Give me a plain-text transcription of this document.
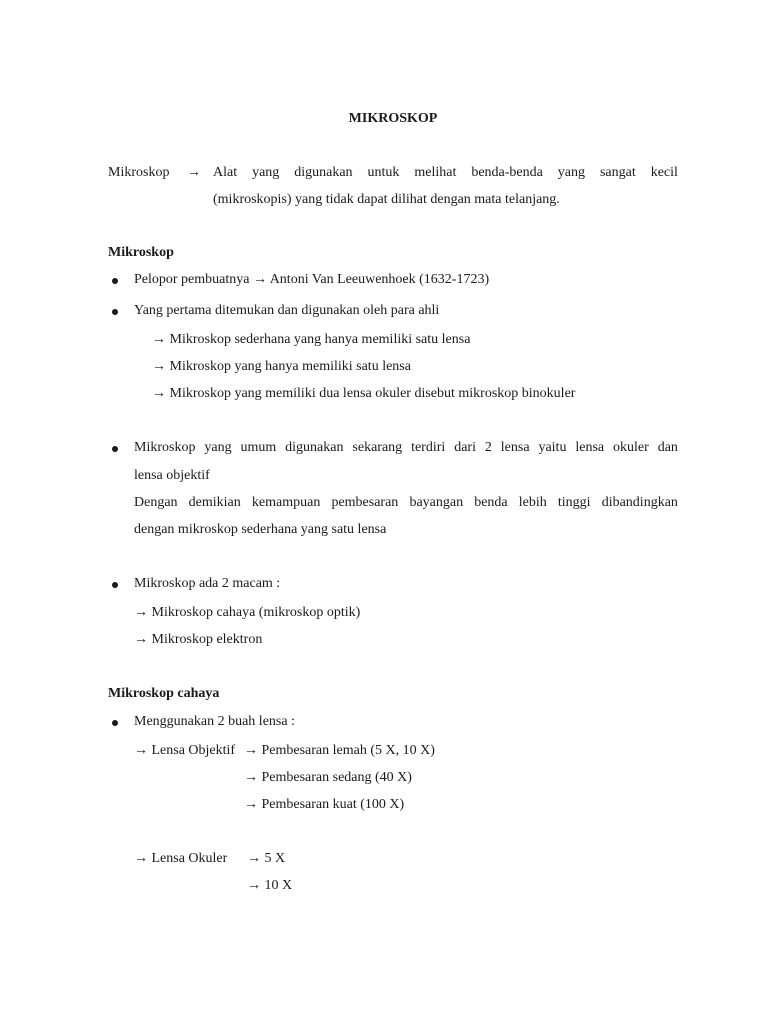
MIKROSKOP
Mikroskop → Alat yang digunakan untuk melihat benda-benda yang sangat kecil
(mikroskopis) yang tidak dapat dilihat dengan mata telanjang.
Mikroskop
Pelopor pembuatnya → Antoni Van Leeuwenhoek (1632-1723)
Yang pertama ditemukan dan digunakan oleh para ahli
→ Mikroskop sederhana yang hanya memiliki satu lensa
→ Mikroskop yang hanya memiliki satu lensa
→ Mikroskop yang memiliki dua lensa okuler disebut mikroskop binokuler
Mikroskop yang umum digunakan sekarang terdiri dari 2 lensa yaitu lensa okuler dan
lensa objektif
Dengan demikian kemampuan pembesaran bayangan benda lebih tinggi dibandingkan
dengan mikroskop sederhana yang satu lensa
Mikroskop ada 2 macam :
→ Mikroskop cahaya (mikroskop optik)
→ Mikroskop elektron
Mikroskop cahaya
Menggunakan 2 buah lensa :
→ Lensa Objektif → Pembesaran lemah (5 X, 10 X)
→ Pembesaran sedang (40 X)
→ Pembesaran kuat (100 X)
→ Lensa Okuler → 5 X
→ 10 X
